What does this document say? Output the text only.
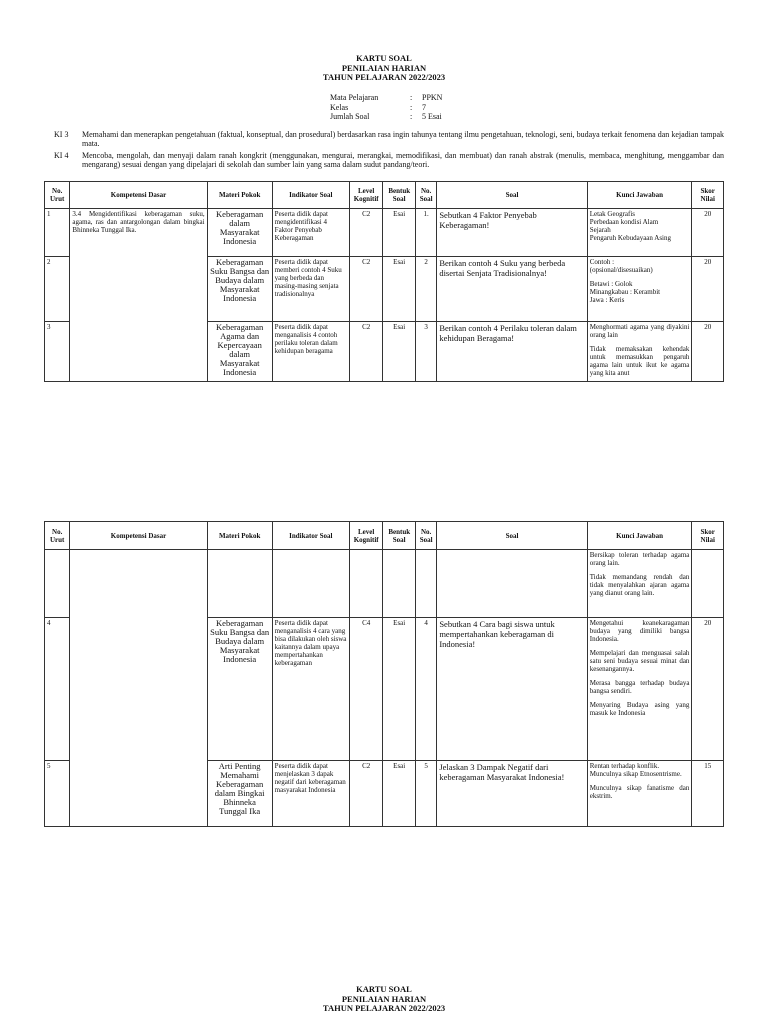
KARTU SOAL
PENILAIAN HARIAN
TAHUN PELAJARAN 2022/2023
Mata Pelajaran	:	PPKN
Kelas	:	7
Jumlah Soal	:	5 Esai
KI 3	Memahami dan menerapkan pengetahuan (faktual, konseptual, dan prosedural) berdasarkan rasa ingin tahunya tentang ilmu pengetahuan, teknologi, seni, budaya terkait fenomena dan kejadian tampak mata.
KI 4	Mencoba, mengolah, dan menyaji dalam ranah kongkrit (menggunakan, mengurai, merangkai, memodifikasi, dan membuat) dan ranah abstrak (menulis, membaca, menghitung, menggambar dan mengarang) sesuai dengan yang dipelajari di sekolah dan sumber lain yang sama dalam sudut pandang/teori.
No. Urut	Kompetensi Dasar	Materi Pokok	Indikator Soal	Level Kognitif	Bentuk Soal	No. Soal	Soal	Kunci Jawaban	Skor Nilai
1	3.4 Mengidentifikasi keberagaman suku, agama, ras dan antargolongan dalam bingkai Bhinneka Tunggal Ika.	Keberagaman dalam Masyarakat Indonesia	Peserta didik dapat mengidentifikasi 4 Faktor Penyebab Keberagaman	C2	Esai	1.	Sebutkan 4 Faktor Penyebab Keberagaman!	Letak Geografis

Perbedaan kondisi Alam

Sejarah

Pengaruh Kebudayaan Asing	20
2		Keberagaman Suku Bangsa dan Budaya dalam Masyarakat Indonesia	Peserta didik dapat memberi contoh 4 Suku yang berbeda dan masing-masing senjata tradisionalnya	C2	Esai	2	Berikan contoh 4 Suku yang berbeda disertai Senjata Tradisionalnya!	Contoh :

(opsional/disesuaikan)

Betawi : Golok

Minangkabau : Kerambit

Jawa : Keris	20
3		Keberagaman Agama dan Kepercayaan dalam Masyarakat Indonesia	Peserta didik dapat menganalisis 4 contoh perilaku toleran dalam kehidupan beragama	C2	Esai	3	Berikan contoh 4 Perilaku toleran dalam kehidupan Beragama!	Menghormati agama yang diyakini orang lain

Tidak memaksakan kehendak untuk memasukkan pengaruh agama lain untuk ikut ke agama yang kita anut	20
No. Urut	Kompetensi Dasar	Materi Pokok	Indikator Soal	Level Kognitif	Bentuk Soal	No. Soal	Soal	Kunci Jawaban	Skor Nilai

								Bersikap toleran terhadap agama orang lain.

Tidak memandang rendah dan tidak menyalahkan ajaran agama yang dianut orang lain.	

4		Keberagaman Suku Bangsa dan Budaya dalam Masyarakat Indonesia	Peserta didik dapat menganalisis 4 cara yang bisa dilakukan oleh siswa kaitannya dalam upaya mempertahankan keberagaman	C4	Esai	4	Sebutkan 4 Cara bagi siswa untuk mempertahankan keberagaman di Indonesia!	Mengetahui keanekaragaman budaya yang dimiliki bangsa Indonesia.

Mempelajari dan menguasai salah satu seni budaya sesuai minat dan kesenangannya.

Merasa bangga terhadap budaya bangsa sendiri.

Menyaring Budaya asing yang masuk ke Indonesia	20
5		Arti Penting Memahami Keberagaman dalam Bingkai Bhinneka Tunggal Ika	Peserta didik dapat menjelaskan 3 dapak negatif dari keberagaman masyarakat Indonesia	C2	Esai	5	Jelaskan 3 Dampak Negatif dari keberagaman Masyarakat Indonesia!	Rentan terhadap konflik.

Munculnya sikap Etnosentrisme.

Munculnya sikap fanatisme dan ekstrim.	15
KARTU SOAL
PENILAIAN HARIAN
TAHUN PELAJARAN 2022/2023
